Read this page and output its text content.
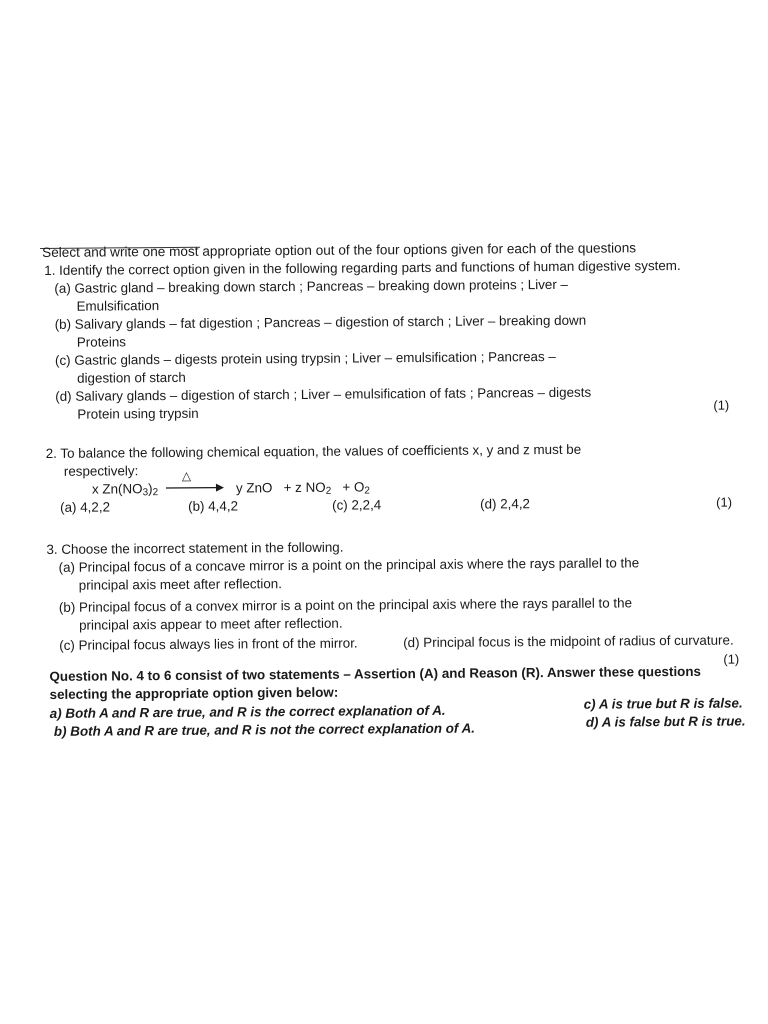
Select and write one most appropriate option out of the four options given for each of the questions
1. Identify the correct option given in the following regarding parts and functions of human digestive system.
(a) Gastric gland – breaking down starch ; Pancreas – breaking down proteins ; Liver –
Emulsification
(b) Salivary glands – fat digestion ; Pancreas – digestion of starch ; Liver – breaking down
Proteins
(c) Gastric glands – digests protein using trypsin ; Liver – emulsification ; Pancreas –
digestion of starch
(d) Salivary glands – digestion of starch ; Liver – emulsification of fats ; Pancreas – digests
Protein using trypsin
(1)
2. To balance the following chemical equation, the values of coefficients x, y and z must be
respectively:
x $Zn(NO_3)_2$
△
y ZnO + z $NO_2 + O_2$
(a) 4,2,2	(b) 4,4,2	(c) 2,2,4	(d) 2,4,2	(1)
3. Choose the incorrect statement in the following.
(a) Principal focus of a concave mirror is a point on the principal axis where the rays parallel to the
principal axis meet after reflection.
(b) Principal focus of a convex mirror is a point on the principal axis where the rays parallel to the
principal axis appear to meet after reflection.
(c) Principal focus always lies in front of the mirror.	(d) Principal focus is the midpoint of radius of curvature.
(1)
Question No. 4 to 6 consist of two statements – Assertion (A) and Reason (R). Answer these questions
selecting the appropriate option given below:
a) Both A and R are true, and R is the correct explanation of A.
b) Both A and R are true, and R is not the correct explanation of A.
c) A is true but R is false.
d) A is false but R is true.
